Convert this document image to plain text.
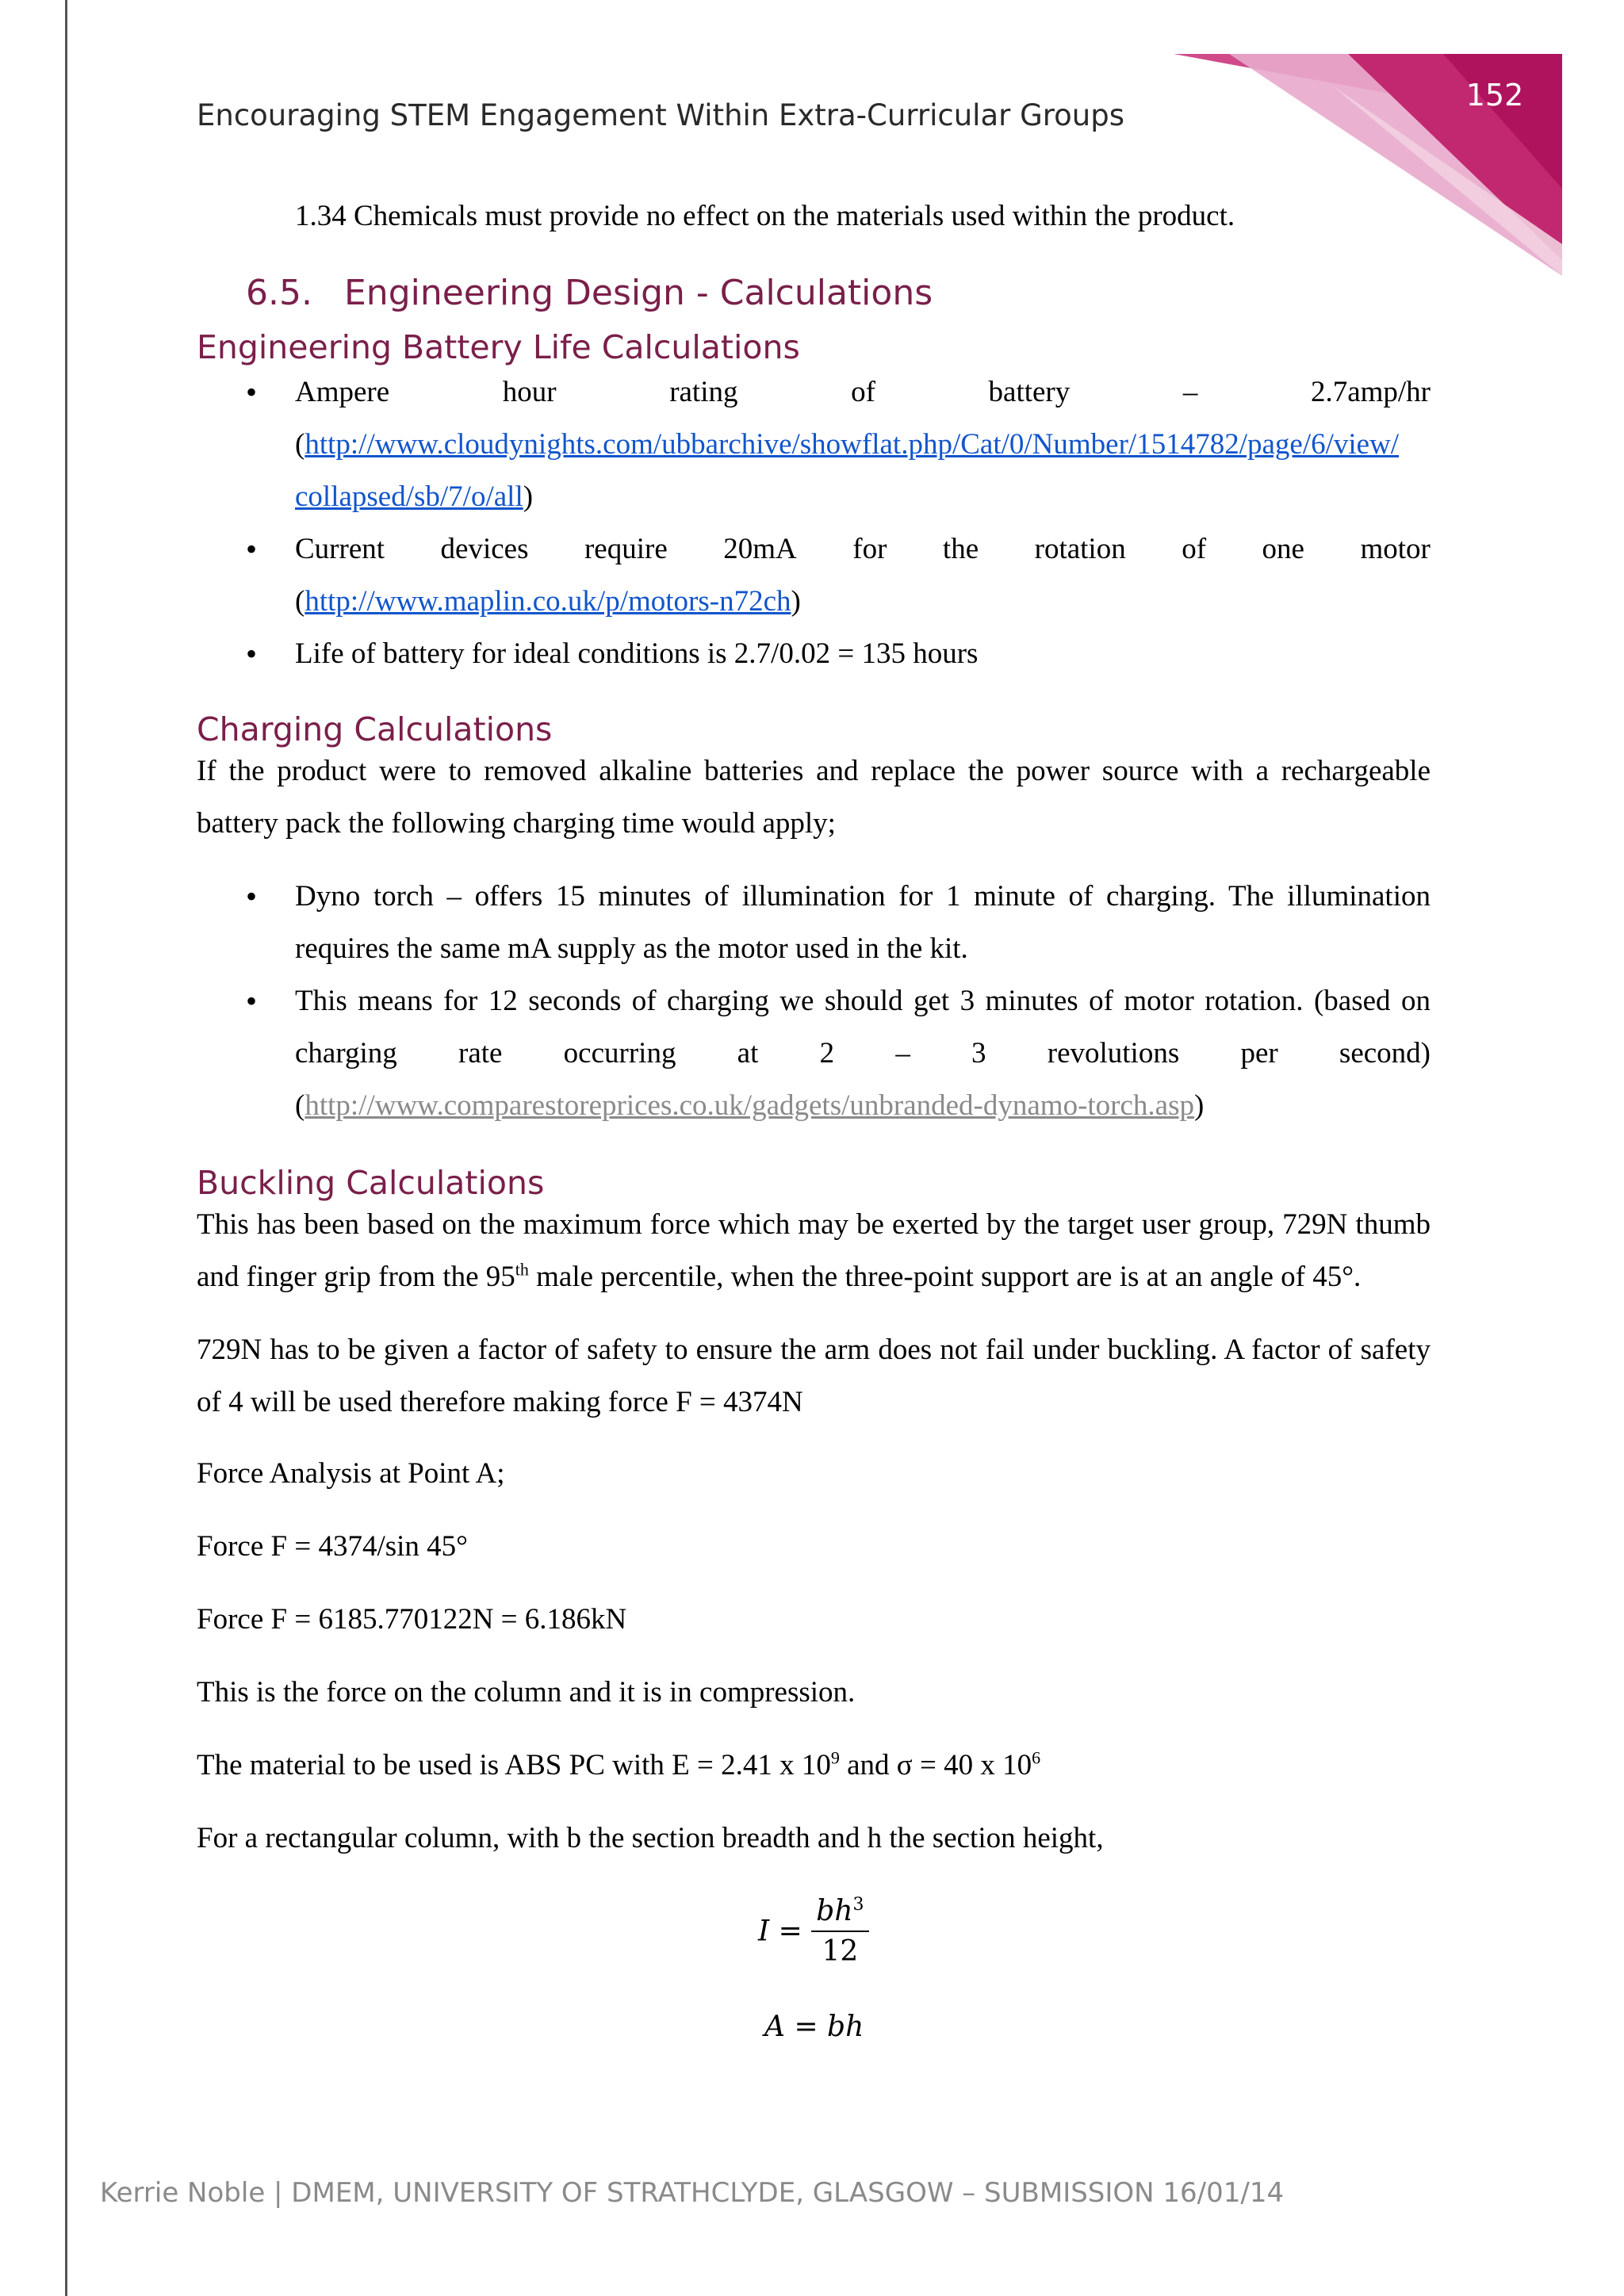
152
Encouraging STEM Engagement Within Extra-Curricular Groups
1.34 Chemicals must provide no effect on the materials used within the product.
6.5. Engineering Design - Calculations
Engineering Battery Life Calculations
• Ampere	hour	rating	of	battery	–	2.7amp/hr
(http://www.cloudynights.com/ubbarchive/showflat.php/Cat/0/Number/1514782/page/6/view/
collapsed/sb/7/o/all)
• Current devices require 20mA for the rotation of one motor
(http://www.maplin.co.uk/p/motors-n72ch)
• Life of battery for ideal conditions is 2.7/0.02 = 135 hours
Charging Calculations
If the product were to removed alkaline batteries and replace the power source with a rechargeable battery pack the following charging time would apply;
• Dyno torch – offers 15 minutes of illumination for 1 minute of charging. The illumination requires the same mA supply as the motor used in the kit.
• This means for 12 seconds of charging we should get 3 minutes of motor rotation. (based on
charging rate occurring at 2 – 3 revolutions per second)
(http://www.comparestoreprices.co.uk/gadgets/unbranded-dynamo-torch.asp)
Buckling Calculations
This has been based on the maximum force which may be exerted by the target user group, 729N thumb and finger grip from the 95th male percentile, when the three-point support are is at an angle of 45°.
729N has to be given a factor of safety to ensure the arm does not fail under buckling. A factor of safety of 4 will be used therefore making force F = 4374N
Force Analysis at Point A;
Force F = 4374/sin 45°
Force F = 6185.770122N = 6.186kN
This is the force on the column and it is in compression.
The material to be used is ABS PC with E = 2.41 x $10^9$ and σ = 40 x $10^6$
For a rectangular column, with b the section breadth and h the section height,
$I = \frac{bh^3}{12}$
A = bh
Kerrie Noble | DMEM, UNIVERSITY OF STRATHCLYDE, GLASGOW – SUBMISSION 16/01/14
